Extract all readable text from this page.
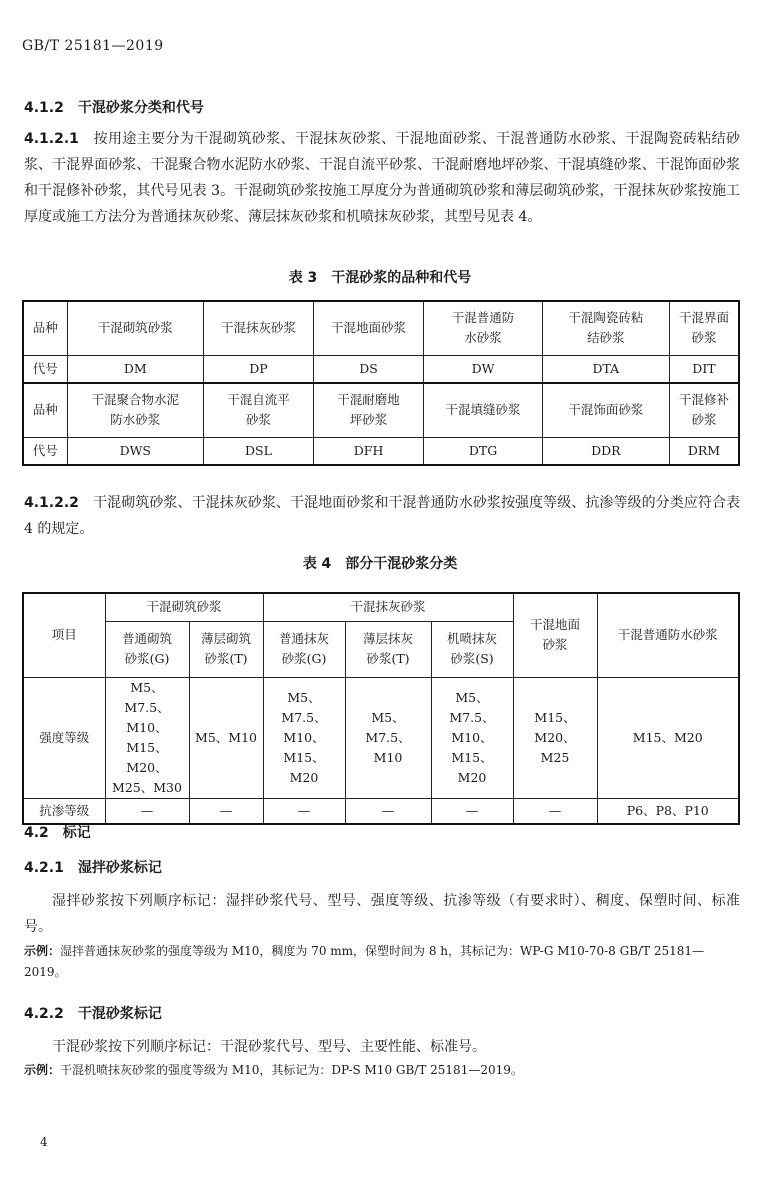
GB/T 25181—2019
4.1.2　干混砂浆分类和代号
4.1.2.1　 按用途主要分为干混砌筑砂浆、干混抹灰砂浆、干混地面砂浆、干混普通防水砂浆、干混陶瓷砖粘结砂浆、干混界面砂浆、干混聚合物水泥防水砂浆、干混自流平砂浆、干混耐磨地坪砂浆、干混填缝砂浆、干混饰面砂浆和干混修补砂浆，其代号见表 3。干混砌筑砂浆按施工厚度分为普通砌筑砂浆和薄层砌筑砂浆，干混抹灰砂浆按施工厚度或施工方法分为普通抹灰砂浆、薄层抹灰砂浆和机喷抹灰砂浆，其型号见表 4。
表 3　干混砂浆的品种和代号
品种	干混砌筑砂浆	干混抹灰砂浆	干混地面砂浆	干混普通防水砂浆	干混陶瓷砖粘结砂浆	干混界面砂浆
代号	DM	DP	DS	DW	DTA	DIT
品种	干混聚合物水泥防水砂浆	干混自流平砂浆	干混耐磨地坪砂浆	干混填缝砂浆	干混饰面砂浆	干混修补砂浆
代号	DWS	DSL	DFH	DTG	DDR	DRM
4.1.2.2　 干混砌筑砂浆、干混抹灰砂浆、干混地面砂浆和干混普通防水砂浆按强度等级、抗渗等级的分类应符合表 4 的规定。
表 4　部分干混砂浆分类
项目	干混砌筑砂浆		干混抹灰砂浆			干混地面砂浆	干混普通防水砂浆
	普通砌筑砂浆(G)	薄层砌筑砂浆(T)	普通抹灰砂浆(G)	薄层抹灰砂浆(T)	机喷抹灰砂浆(S)		
强度等级	M5、M7.5、M10、M15、M20、M25、M30	M5、M10	M5、M7.5、M10、M15、M20	M5、M7.5、M10	M5、M7.5、M10、M15、M20	M15、M20、M25	M15、M20
抗渗等级	—	—	—	—	—	—	P6、P8、P10
4.2　标记
4.2.1　湿拌砂浆标记
湿拌砂浆按下列顺序标记：湿拌砂浆代号、型号、强度等级、抗渗等级（有要求时）、稠度、保塑时间、标准号。
示例：湿拌普通抹灰砂浆的强度等级为 M10，稠度为 70 mm，保塑时间为 8 h，其标记为：WP-G M10-70-8 GB/T 25181—2019。
4.2.2　干混砂浆标记
干混砂浆按下列顺序标记：干混砂浆代号、型号、主要性能、标准号。
示例：干混机喷抹灰砂浆的强度等级为 M10，其标记为：DP-S M10 GB/T 25181—2019。
4
